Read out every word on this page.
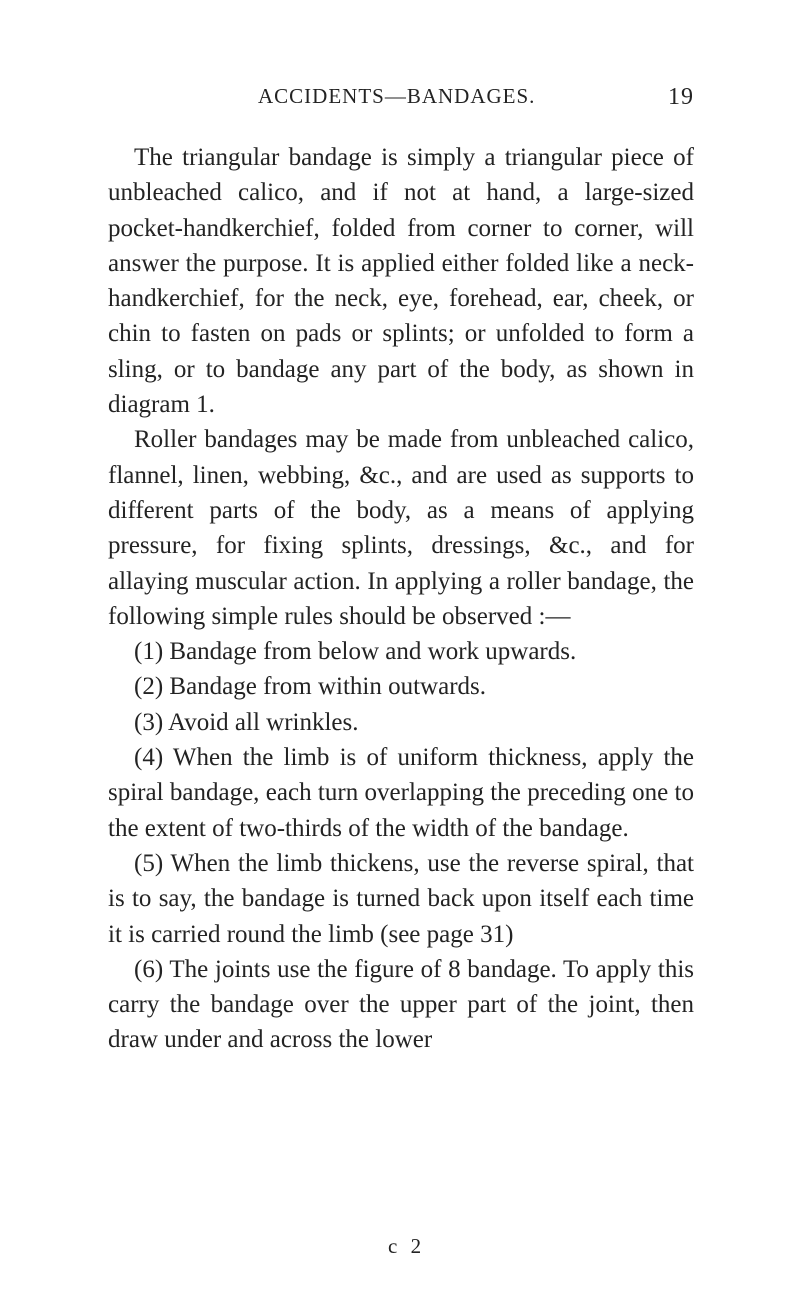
ACCIDENTS—BANDAGES.	19

The triangular bandage is simply a triangular piece of unbleached calico, and if not at hand, a large-sized pocket-handkerchief, folded from corner to corner, will answer the purpose. It is applied either folded like a neck-handkerchief, for the neck, eye, forehead, ear, cheek, or chin to fasten on pads or splints; or unfolded to form a sling, or to bandage any part of the body, as shown in diagram 1.

Roller bandages may be made from unbleached calico, flannel, linen, webbing, &c., and are used as supports to different parts of the body, as a means of applying pressure, for fixing splints, dressings, &c., and for allaying muscular action. In applying a roller bandage, the following simple rules should be observed :—

(1) Bandage from below and work upwards.

(2) Bandage from within outwards.

(3) Avoid all wrinkles.

(4) When the limb is of uniform thickness, apply the spiral bandage, each turn overlapping the preceding one to the extent of two-thirds of the width of the bandage.

(5) When the limb thickens, use the reverse spiral, that is to say, the bandage is turned back upon itself each time it is carried round the limb (see page 31)

(6) The joints use the figure of 8 bandage. To apply this carry the bandage over the upper part of the joint, then draw under and across the lower

c 2
